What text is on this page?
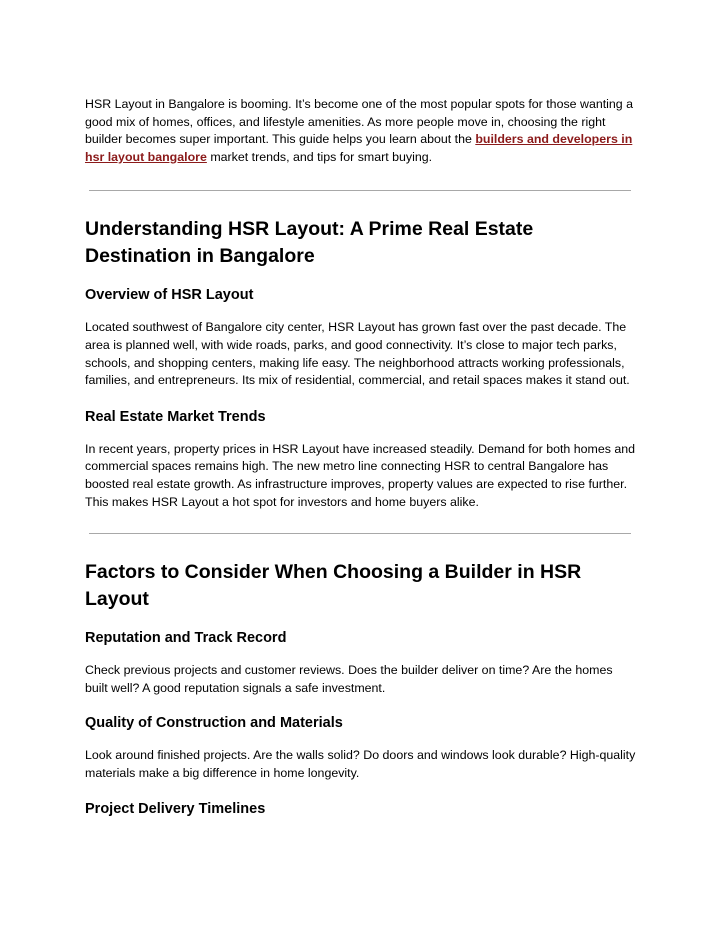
HSR Layout in Bangalore is booming. It’s become one of the most popular spots for those wanting a good mix of homes, offices, and lifestyle amenities. As more people move in, choosing the right builder becomes super important. This guide helps you learn about the builders and developers in hsr layout bangalore market trends, and tips for smart buying.

Understanding HSR Layout: A Prime Real Estate Destination in Bangalore
Overview of HSR Layout

Located southwest of Bangalore city center, HSR Layout has grown fast over the past decade. The area is planned well, with wide roads, parks, and good connectivity. It’s close to major tech parks, schools, and shopping centers, making life easy. The neighborhood attracts working professionals, families, and entrepreneurs. Its mix of residential, commercial, and retail spaces makes it stand out.

Real Estate Market Trends

In recent years, property prices in HSR Layout have increased steadily. Demand for both homes and commercial spaces remains high. The new metro line connecting HSR to central Bangalore has boosted real estate growth. As infrastructure improves, property values are expected to rise further. This makes HSR Layout a hot spot for investors and home buyers alike.

Factors to Consider When Choosing a Builder in HSR Layout
Reputation and Track Record

Check previous projects and customer reviews. Does the builder deliver on time? Are the homes built well? A good reputation signals a safe investment.

Quality of Construction and Materials

Look around finished projects. Are the walls solid? Do doors and windows look durable? High-quality materials make a big difference in home longevity.

Project Delivery Timelines
